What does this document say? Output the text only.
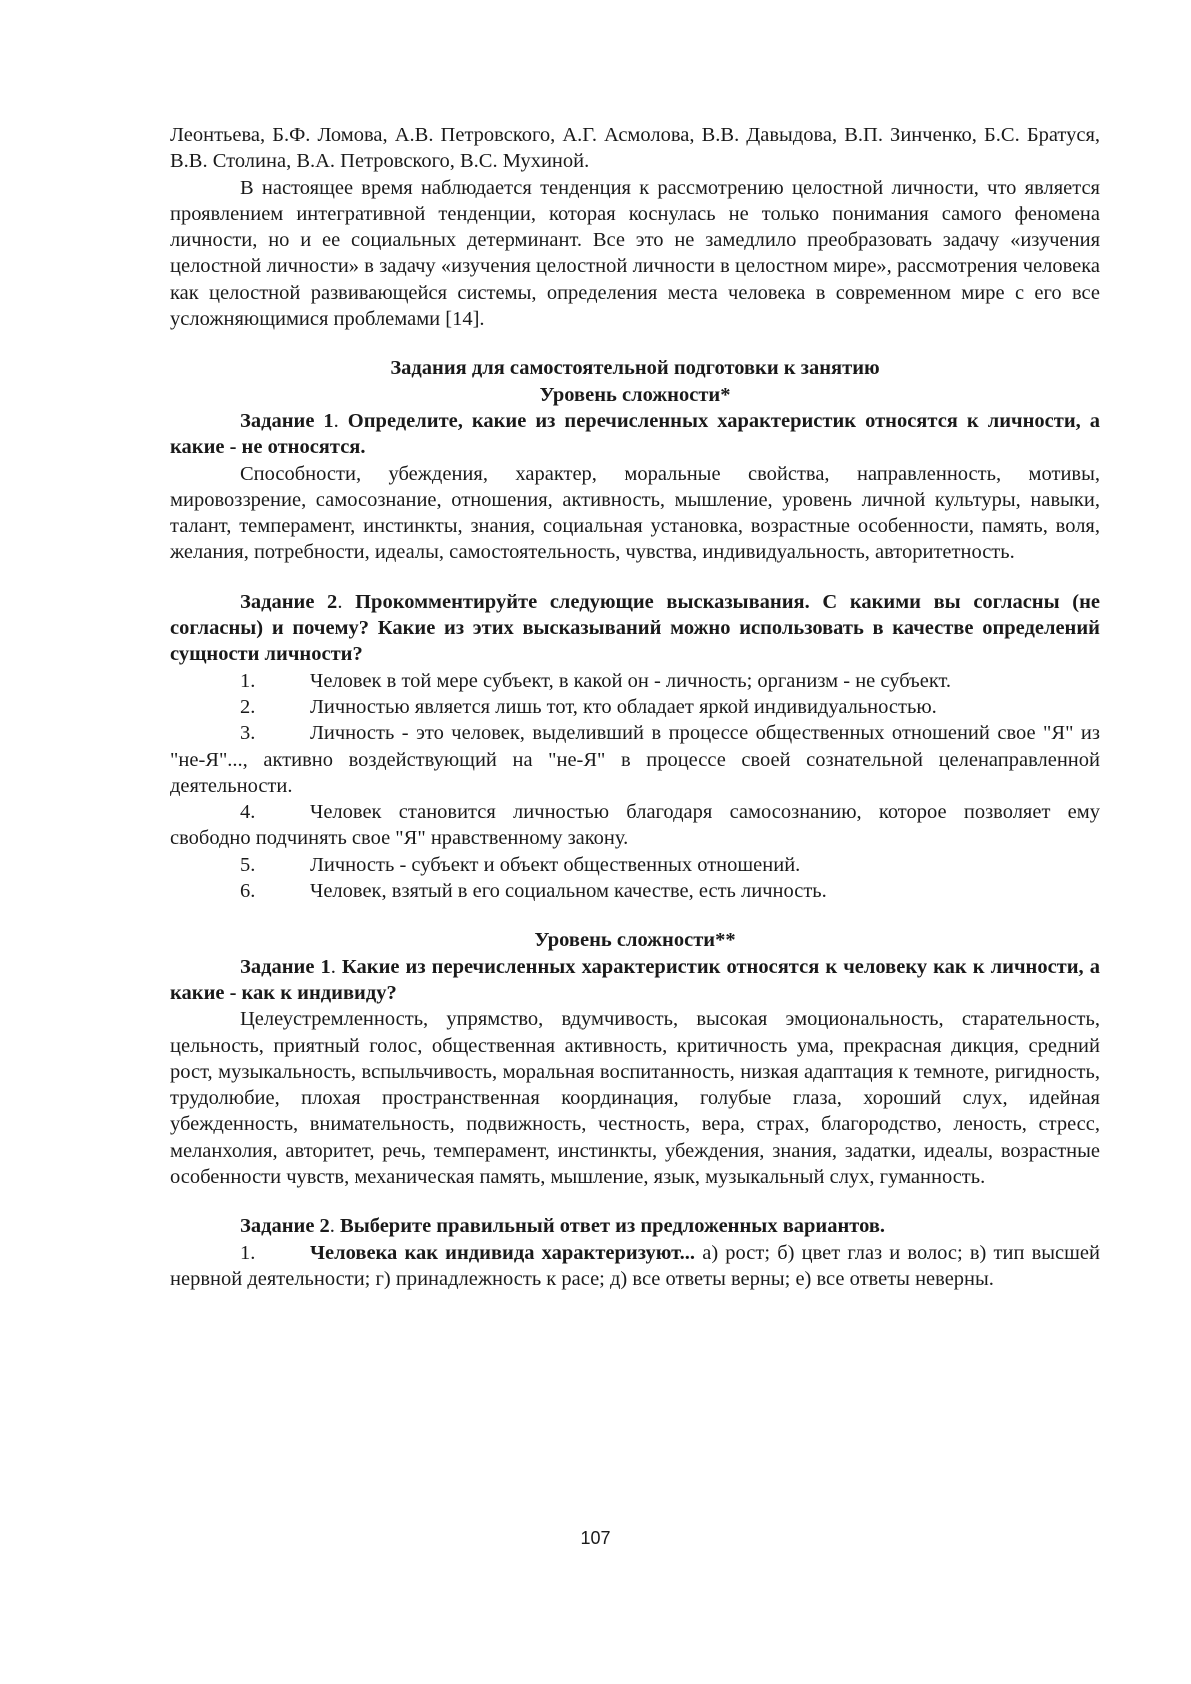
Леонтьева, Б.Ф. Ломова, А.В. Петровского, А.Г. Асмолова, В.В. Давыдова, В.П. Зинченко, Б.С. Братуся, В.В. Столина, В.А. Петровского, В.С. Мухиной.

В настоящее время наблюдается тенденция к рассмотрению целостной личности, что является проявлением интегративной тенденции, которая коснулась не только понимания самого феномена личности, но и ее социальных детерминант. Все это не замедлило преобразовать задачу «изучения целостной личности» в задачу «изучения целостной личности в целостном мире», рассмотрения человека как целостной развивающейся системы, определения места человека в современном мире с его все усложняющимися проблемами [14].

Задания для самостоятельной подготовки к занятию

Уровень сложности*

Задание 1. Определите, какие из перечисленных характеристик относятся к личности, а какие - не относятся.

Способности, убеждения, характер, моральные свойства, направленность, мотивы, мировоззрение, самосознание, отношения, активность, мышление, уровень личной культуры, навыки, талант, темперамент, инстинкты, знания, социальная установка, возрастные особенности, память, воля, желания, потребности, идеалы, самостоятельность, чувства, индивидуальность, авторитетность.

Задание 2. Прокомментируйте следующие высказывания. С какими вы согласны (не согласны) и почему? Какие из этих высказываний можно использовать в качестве определений сущности личности?

1.	Человек в той мере субъект, в какой он - личность; организм - не субъект.

2.	Личностью является лишь тот, кто обладает яркой индивидуальностью.

3.	Личность - это человек, выделивший в процессе общественных отношений свое "Я" из "не-Я"..., активно воздействующий на "не-Я" в процессе своей сознательной целенаправленной деятельности.

4.	Человек становится личностью благодаря самосознанию, которое позволяет ему свободно подчинять свое "Я" нравственному закону.

5.	Личность - субъект и объект общественных отношений.

6.	Человек, взятый в его социальном качестве, есть личность.

Уровень сложности**

Задание 1. Какие из перечисленных характеристик относятся к человеку как к личности, а какие - как к индивиду?

Целеустремленность, упрямство, вдумчивость, высокая эмоциональность, старательность, цельность, приятный голос, общественная активность, критичность ума, прекрасная дикция, средний рост, музыкальность, вспыльчивость, моральная воспитанность, низкая адаптация к темноте, ригидность, трудолюбие, плохая пространственная координация, голубые глаза, хороший слух, идейная убежденность, внимательность, подвижность, честность, вера, страх, благородство, леность, стресс, меланхолия, авторитет, речь, темперамент, инстинкты, убеждения, знания, задатки, идеалы, возрастные особенности чувств, механическая память, мышление, язык, музыкальный слух, гуманность.

Задание 2. Выберите правильный ответ из предложенных вариантов.

1.	Человека как индивида характеризуют... а) рост; б) цвет глаз и волос; в) тип высшей нервной деятельности; г) принадлежность к расе; д) все ответы верны; е) все ответы неверны.

107
